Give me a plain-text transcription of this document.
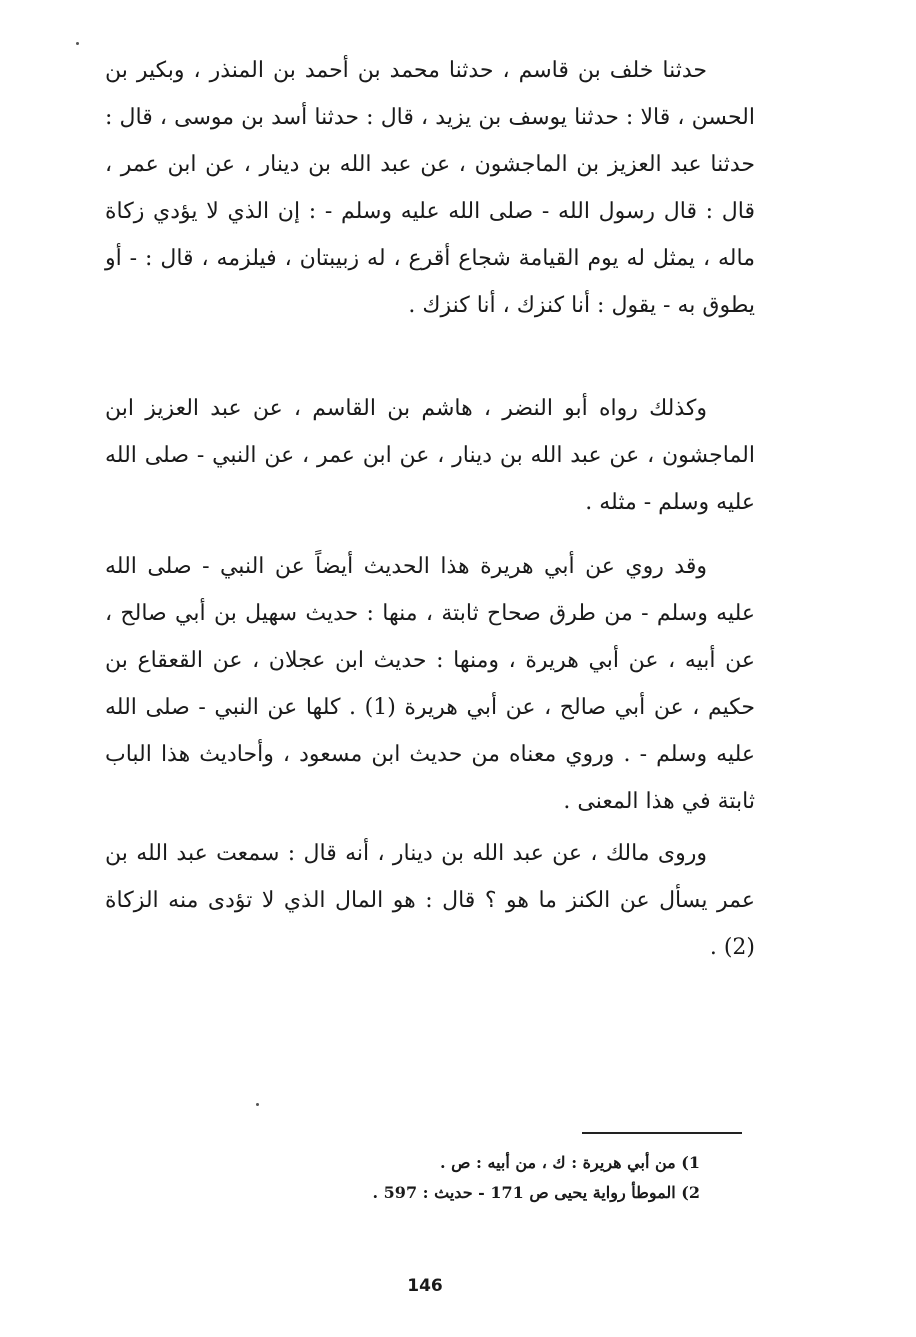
حدثنا خلف بن قاسم ، حدثنا محمد بن أحمد بن المنذر ، وبكير بن الحسن ، قالا : حدثنا يوسف بن يزيد ، قال : حدثنا أسد بن موسى ، قال : حدثنا عبد العزيز بن الماجشون ، عن عبد الله بن دينار ، عن ابن عمر ، قال : قال رسول الله - صلى الله عليه وسلم - : إن الذي لا يؤدي زكاة ماله ، يمثل له يوم القيامة شجاع أقرع ، له زبيبتان ، فيلزمه ، قال : - أو يطوق به - يقول : أنا كنزك ، أنا كنزك .

وكذلك رواه أبو النضر ، هاشم بن القاسم ، عن عبد العزيز ابن الماجشون ، عن عبد الله بن دينار ، عن ابن عمر ، عن النبي - صلى الله عليه وسلم - مثله .

وقد روي عن أبي هريرة هذا الحديث أيضاً عن النبي - صلى الله عليه وسلم - من طرق صحاح ثابتة ، منها : حديث سهيل بن أبي صالح ، عن أبيه ، عن أبي هريرة ، ومنها : حديث ابن عجلان ، عن القعقاع بن حكيم ، عن أبي صالح ، عن أبي هريرة (1) . كلها عن النبي - صلى الله عليه وسلم - . وروي معناه من حديث ابن مسعود ، وأحاديث هذا الباب ثابتة في هذا المعنى .

وروى مالك ، عن عبد الله بن دينار ، أنه قال : سمعت عبد الله بن عمر يسأل عن الكنز ما هو ؟ قال : هو المال الذي لا تؤدى منه الزكاة (2) .

1) من أبي هريرة : ك ، من أبيه : ص .
2) الموطأ رواية يحيى ص 171 - حديث : 597 .
146
